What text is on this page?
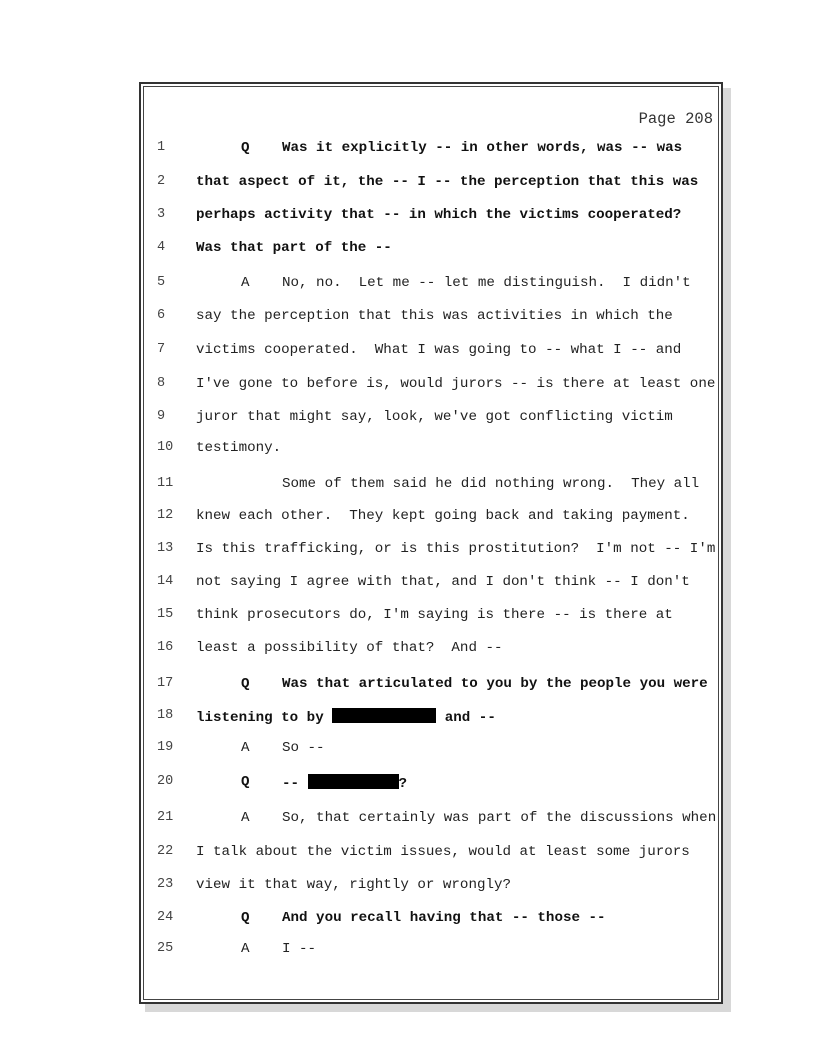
Page 208
1	Q Was it explicitly -- in other words, was -- was
2	that aspect of it, the -- I -- the perception that this was
3	perhaps activity that -- in which the victims cooperated?
4	Was that part of the --
5	A No, no.  Let me -- let me distinguish.  I didn't
6	say the perception that this was activities in which the
7	victims cooperated.  What I was going to -- what I -- and
8	I've gone to before is, would jurors -- is there at least one
9	juror that might say, look, we've got conflicting victim
10	testimony.
11	Some of them said he did nothing wrong.  They all
12	knew each other.  They kept going back and taking payment.
13	Is this trafficking, or is this prostitution?  I'm not -- I'm
14	not saying I agree with that, and I don't think -- I don't
15	think prosecutors do, I'm saying is there -- is there at
16	least a possibility of that?  And --
17	Q Was that articulated to you by the people you were
18	listening to by	and --
19	A So --
20	Q --	?
21	A So, that certainly was part of the discussions when
22	I talk about the victim issues, would at least some jurors
23	view it that way, rightly or wrongly?
24	Q And you recall having that -- those --
25	A I --
